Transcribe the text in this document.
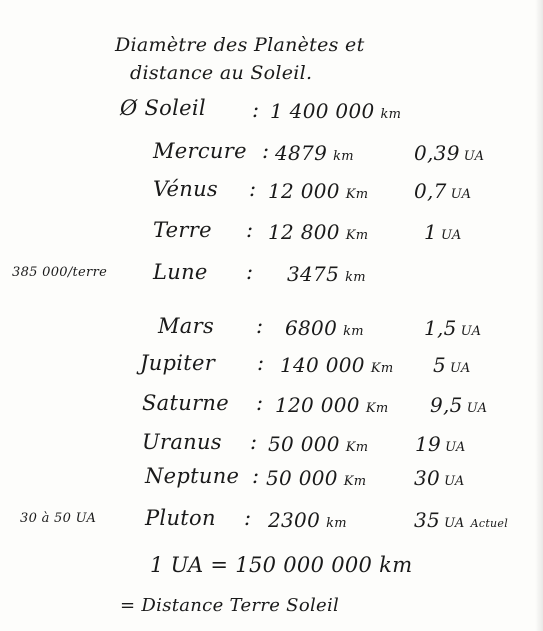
Diamètre des Planètes et
distance au Soleil.
Ø Soleil : 1 400 000 km
Mercure : 4879 km	0,39 UA
Vénus : 12 000 Km 0,7 UA
Terre : 12 800 Km	1 UA
385 000/terre Lune : 3475 km
Mars : 6800 km	1,5 UA
Jupiter : 140 000 Km 5 UA
Saturne : 120 000 Km 9,5 UA
Uranus : 50 000 Km 19 UA
Neptune : 50 000 Km 30 UA
30 à 50 UA Pluton : 2300 km	35 UA Actuel
1 UA = 150 000 000 km
= Distance Terre Soleil
